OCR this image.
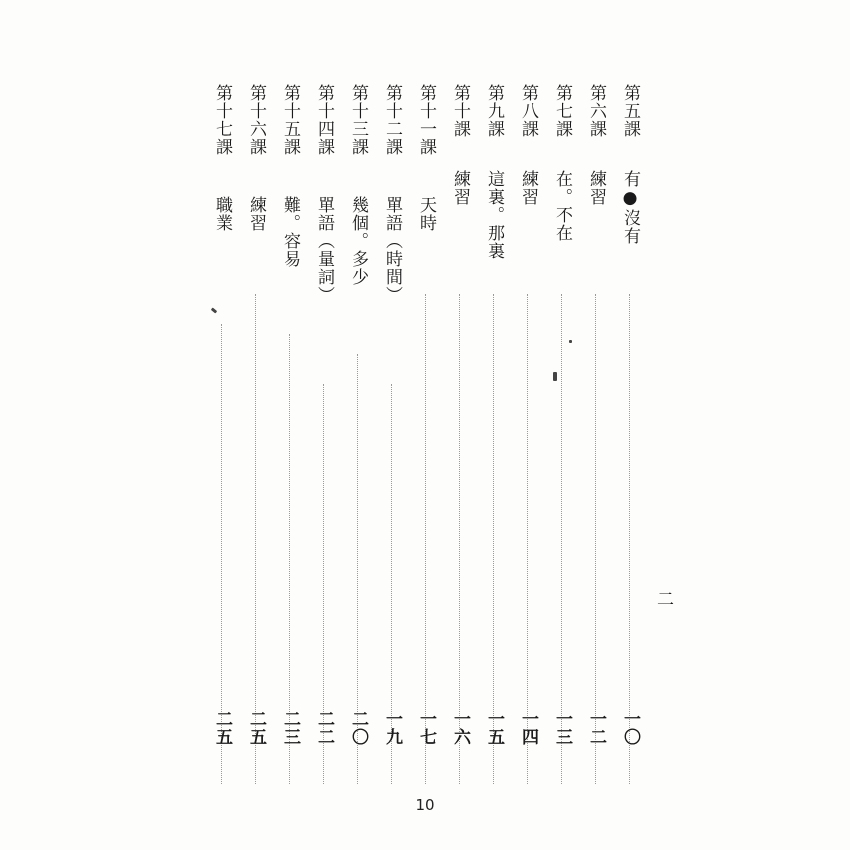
第五課
有●沒有
一〇
第六課
練習
一二
第七課
在。不在
一三
第八課
練習
一四
第九課
這裏。那裏
一五
第十課
練習
一六
第十一課
天時
一七
第十二課
單語（時間）
一九
第十三課
幾個。多少
二〇
第十四課
單語（量詞）
二二
第十五課
難。容易
二三
第十六課
練習
二五
第十七課
職業
二五
二
10
